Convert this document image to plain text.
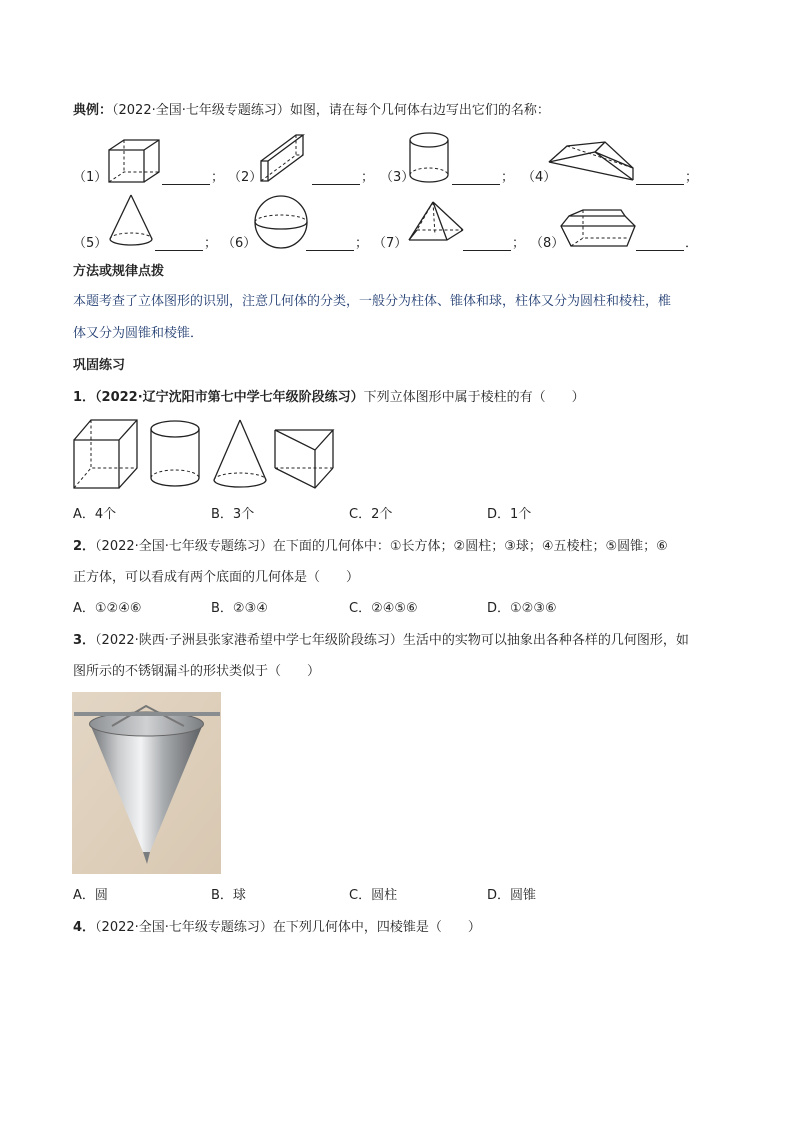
典例：（2022·全国·七年级专题练习）如图，请在每个几何体右边写出它们的名称：
（1）	； （2）	； （3）	； （4）	；
（5）	； （6）	； （7）	； （8）	．
方法或规律点拨
本题考查了立体图形的识别，注意几何体的分类，一般分为柱体、锥体和球，柱体又分为圆柱和棱柱，椎
体又分为圆锥和棱锥．
巩固练习
1．（2022·辽宁沈阳市第七中学七年级阶段练习）下列立体图形中属于棱柱的有（　　）
A．4个	B．3个	C．2个	D．1个
2．（2022·全国·七年级专题练习）在下面的几何体中：①长方体；②圆柱；③球；④五棱柱；⑤圆锥；⑥
正方体，可以看成有两个底面的几何体是（　　）
A．①②④⑥	B．②③④	C．②④⑤⑥	D．①②③⑥
3．（2022·陕西·子洲县张家港希望中学七年级阶段练习）生活中的实物可以抽象出各种各样的几何图形，如
图所示的不锈钢漏斗的形状类似于（　　）
A．圆	B．球	C．圆柱	D．圆锥
4．（2022·全国·七年级专题练习）在下列几何体中，四棱锥是（　　）
